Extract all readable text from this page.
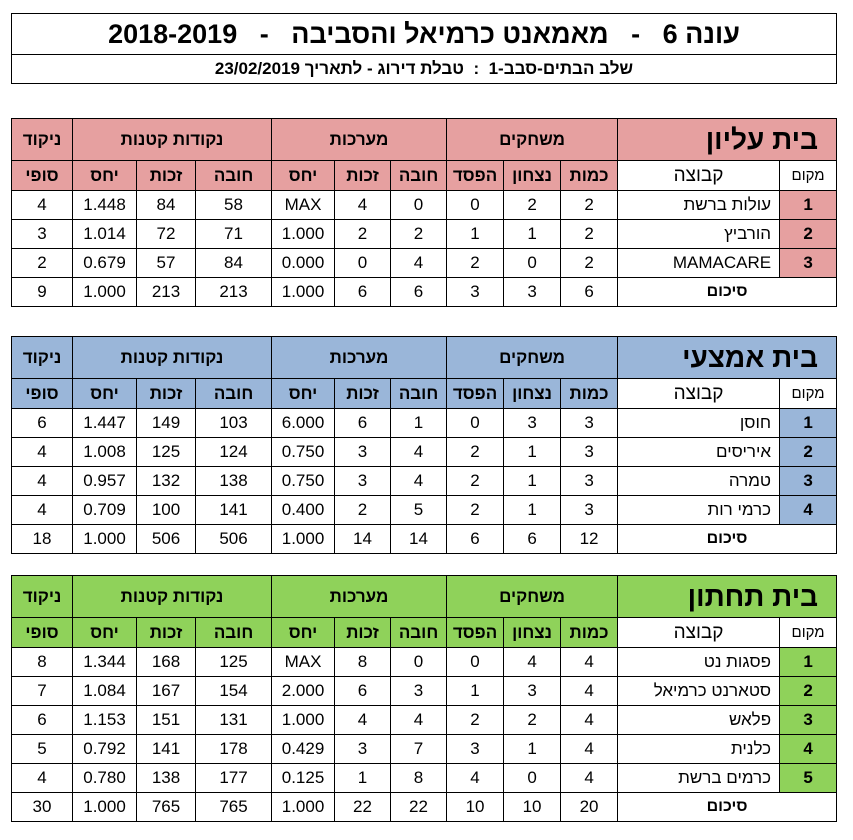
2018-2019   -   עונה 6   -   מאמאנט כרמיאל והסביבה
שלב הבתים-סבב-1  :  טבלת דירוג - לתאריך 23/02/2019
בית עליון		משחקים			מערכות			נקודות קטנות			ניקוד
מקום	קבוצה	כמות	נצחון	הפסד	חובה	זכות	יחס	חובה	זכות	יחס	סופי
1	עולות ברשת	2	2	0	0	4	MAX	58	84	1.448	4
2	הורביץ	2	1	1	2	2	1.000	71	72	1.014	3
3	MAMACARE	2	0	2	4	0	0.000	84	57	0.679	2
סיכום		6	3	3	6	6	1.000	213	213	1.000	9
בית אמצעי		משחקים			מערכות			נקודות קטנות			ניקוד
מקום	קבוצה	כמות	נצחון	הפסד	חובה	זכות	יחס	חובה	זכות	יחס	סופי
1	חוסן	3	3	0	1	6	6.000	103	149	1.447	6
2	איריסים	3	1	2	4	3	0.750	124	125	1.008	4
3	טמרה	3	1	2	4	3	0.750	138	132	0.957	4
4	כרמי רות	3	1	2	5	2	0.400	141	100	0.709	4
סיכום		12	6	6	14	14	1.000	506	506	1.000	18
בית תחתון		משחקים			מערכות			נקודות קטנות			ניקוד
מקום	קבוצה	כמות	נצחון	הפסד	חובה	זכות	יחס	חובה	זכות	יחס	סופי
1	פסגות נט	4	4	0	0	8	MAX	125	168	1.344	8
2	סטארנט כרמיאל	4	3	1	3	6	2.000	154	167	1.084	7
3	פלאש	4	2	2	4	4	1.000	131	151	1.153	6
4	כלנית	4	1	3	7	3	0.429	178	141	0.792	5
5	כרמים ברשת	4	0	4	8	1	0.125	177	138	0.780	4
סיכום		20	10	10	22	22	1.000	765	765	1.000	30
